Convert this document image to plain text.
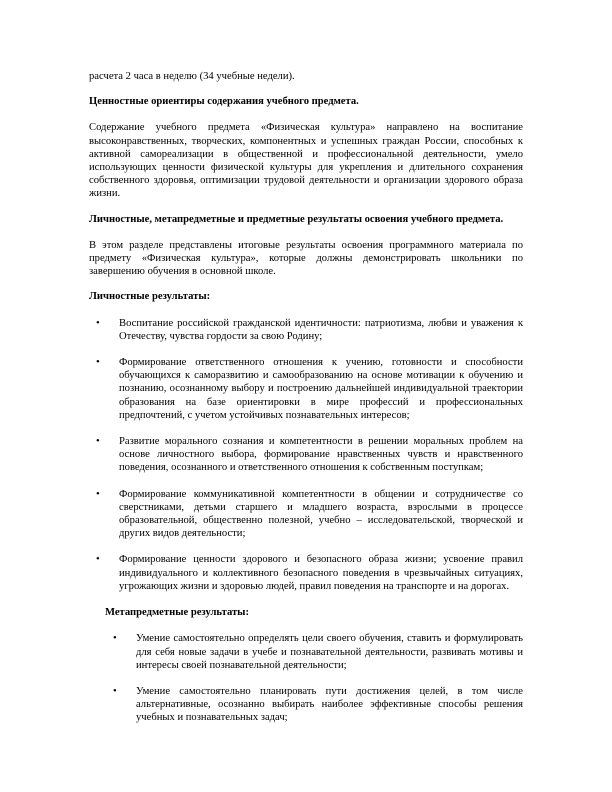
расчета 2 часа в неделю (34 учебные недели).

Ценностные ориентиры содержания учебного предмета.

Содержание учебного предмета «Физическая культура» направлено на воспитание высоконравственных, творческих, компонентных и успешных граждан России, способных к активной самореализации в общественной и профессиональной деятельности, умело использующих ценности физической культуры для укрепления и длительного сохранения собственного здоровья, оптимизации трудовой деятельности и организации здорового образа жизни.

Личностные, метапредметные и предметные результаты освоения учебного предмета.

В этом разделе представлены итоговые результаты освоения программного материала по предмету «Физическая культура», которые должны демонстрировать школьники по завершению обучения в основной школе.

Личностные результаты:

• Воспитание российской гражданской идентичности: патриотизма, любви и уважения к Отечеству, чувства гордости за свою Родину;
• Формирование ответственного отношения к учению, готовности и способности обучающихся к саморазвитию и самообразованию на основе мотивации к обучению и познанию, осознанному выбору и построению дальнейшей индивидуальной траектории образования на базе ориентировки в мире профессий и профессиональных предпочтений, с учетом устойчивых познавательных интересов;
• Развитие морального сознания и компетентности в решении моральных проблем на основе личностного выбора, формирование нравственных чувств и нравственного поведения, осознанного и ответственного отношения к собственным поступкам;
• Формирование коммуникативной компетентности в общении и сотрудничестве со сверстниками, детьми старшего и младшего возраста, взрослыми в процессе образовательной, общественно полезной, учебно – исследовательской, творческой и других видов деятельности;
• Формирование ценности здорового и безопасного образа жизни; усвоение правил индивидуального и коллективного безопасного поведения в чрезвычайных ситуациях, угрожающих жизни и здоровью людей, правил поведения на транспорте и на дорогах.

Метапредметные результаты:

• Умение самостоятельно определять цели своего обучения, ставить и формулировать для себя новые задачи в учебе и познавательной деятельности, развивать мотивы и интересы своей познавательной деятельности;
• Умение самостоятельно планировать пути достижения целей, в том числе альтернативные, осознанно выбирать наиболее эффективные способы решения учебных и познавательных задач;
